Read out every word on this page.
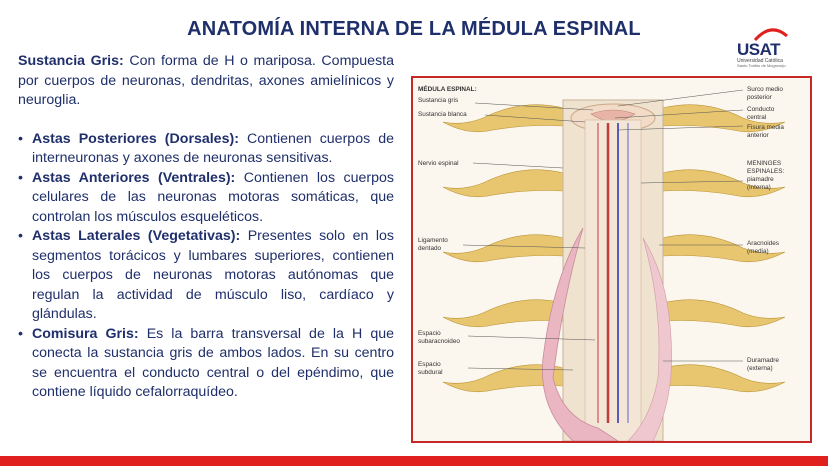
ANATOMÍA INTERNA DE LA MÉDULA ESPINAL
USAT
Universidad Católica
Santo Toribio de Mogrovejo

Sustancia Gris: Con forma de H o mariposa. Compuesta por cuerpos de neuronas, dendritas, axones amielínicos y neuroglia.

• Astas Posteriores (Dorsales): Contienen cuerpos de interneuronas y axones de neuronas sensitivas.
• Astas Anteriores (Ventrales): Contienen los cuerpos celulares de las neuronas motoras somáticas, que controlan los músculos esqueléticos.
• Astas Laterales (Vegetativas): Presentes solo en los segmentos torácicos y lumbares superiores, contienen los cuerpos de neuronas motoras autónomas que regulan la actividad de músculo liso, cardíaco y glándulas.
• Comisura Gris: Es la barra transversal de la H que conecta la sustancia gris de ambos lados. En su centro se encuentra el conducto central o del epéndimo, que contiene líquido cefalorraquídeo.
MÉDULA ESPINAL:
Sustancia gris
Sustancia blanca
Nervio espinal
Ligamento
dentado
Espacio
subaracnoideo
Espacio
subdural
Surco medio
posterior
Conducto
central
Fisura media
anterior
MENINGES
ESPINALES:
piamadre
(interna)
Aracnoides
(media)
Duramadre
(externa)
